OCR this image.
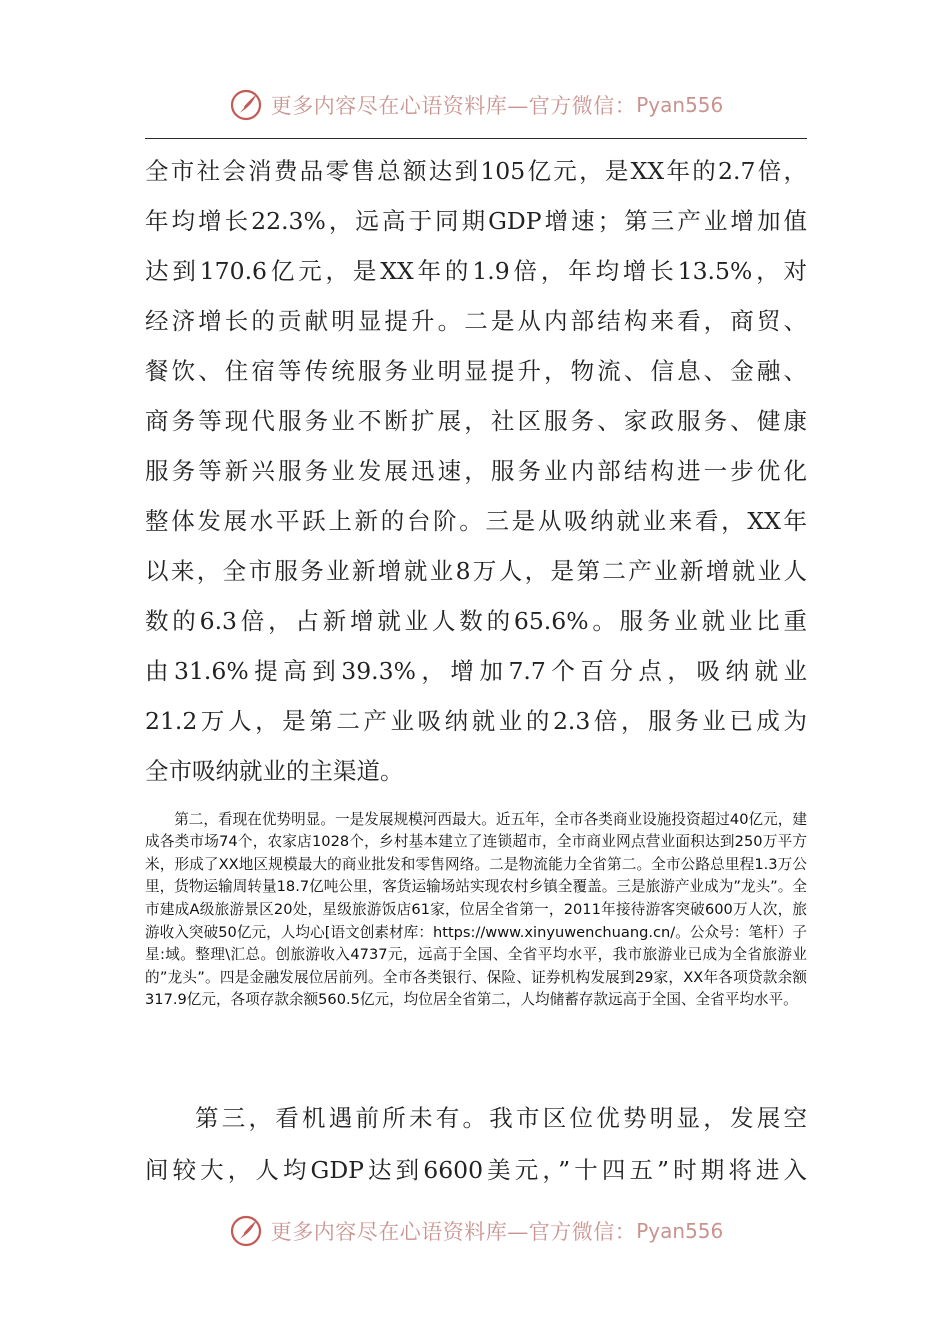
更多内容尽在心语资料库—官方微信： Pyan556
全市社会消费品零售总额达到105亿元，是XX年的2.7倍，
年均增长22.3%，远高于同期GDP增速；第三产业增加值
达到170.6亿元，是XX年的1.9倍，年均增长13.5%，对
经济增长的贡献明显提升。二是从内部结构来看，商贸、
餐饮、住宿等传统服务业明显提升，物流、信息、金融、
商务等现代服务业不断扩展，社区服务、家政服务、健康
服务等新兴服务业发展迅速，服务业内部结构进一步优化
整体发展水平跃上新的台阶。三是从吸纳就业来看，XX年
以来，全市服务业新增就业8万人，是第二产业新增就业人
数的6.3倍，占新增就业人数的65.6%。服务业就业比重
由31.6%提高到39.3%，增加7.7个百分点，吸纳就业
21.2万人，是第二产业吸纳就业的2.3倍，服务业已成为
全市吸纳就业的主渠道。

第二，看现在优势明显。一是发展规模河西最大。近五年，全市各类商业设施投资超过40亿元，建成各类市场74个，农家店1028个，乡村基本建立了连锁超市，全市商业网点营业面积达到250万平方米，形成了XX地区规模最大的商业批发和零售网络。二是物流能力全省第二。全市公路总里程1.3万公里，货物运输周转量18.7亿吨公里，客货运输场站实现农村乡镇全覆盖。三是旅游产业成为”龙头”。全市建成A级旅游景区20处，星级旅游饭店61家，位居全省第一，2011年接待游客突破600万人次，旅游收入突破50亿元，人均心[语文创素材库：https://www.xinyuwenchuang.cn/。公众号：笔杆）子星:域。整理\汇总。创旅游收入4737元，远高于全国、全省平均水平，我市旅游业已成为全省旅游业的”龙头”。四是金融发展位居前列。全市各类银行、保险、证券机构发展到29家，XX年各项贷款余额317.9亿元，各项存款余额560.5亿元，均位居全省第二，人均储蓄存款远高于全国、全省平均水平。

第三，看机遇前所未有。我市区位优势明显，发展空
间较大，人均GDP达到6600美元，”十四五”时期将进入
更多内容尽在心语资料库—官方微信： Pyan556
